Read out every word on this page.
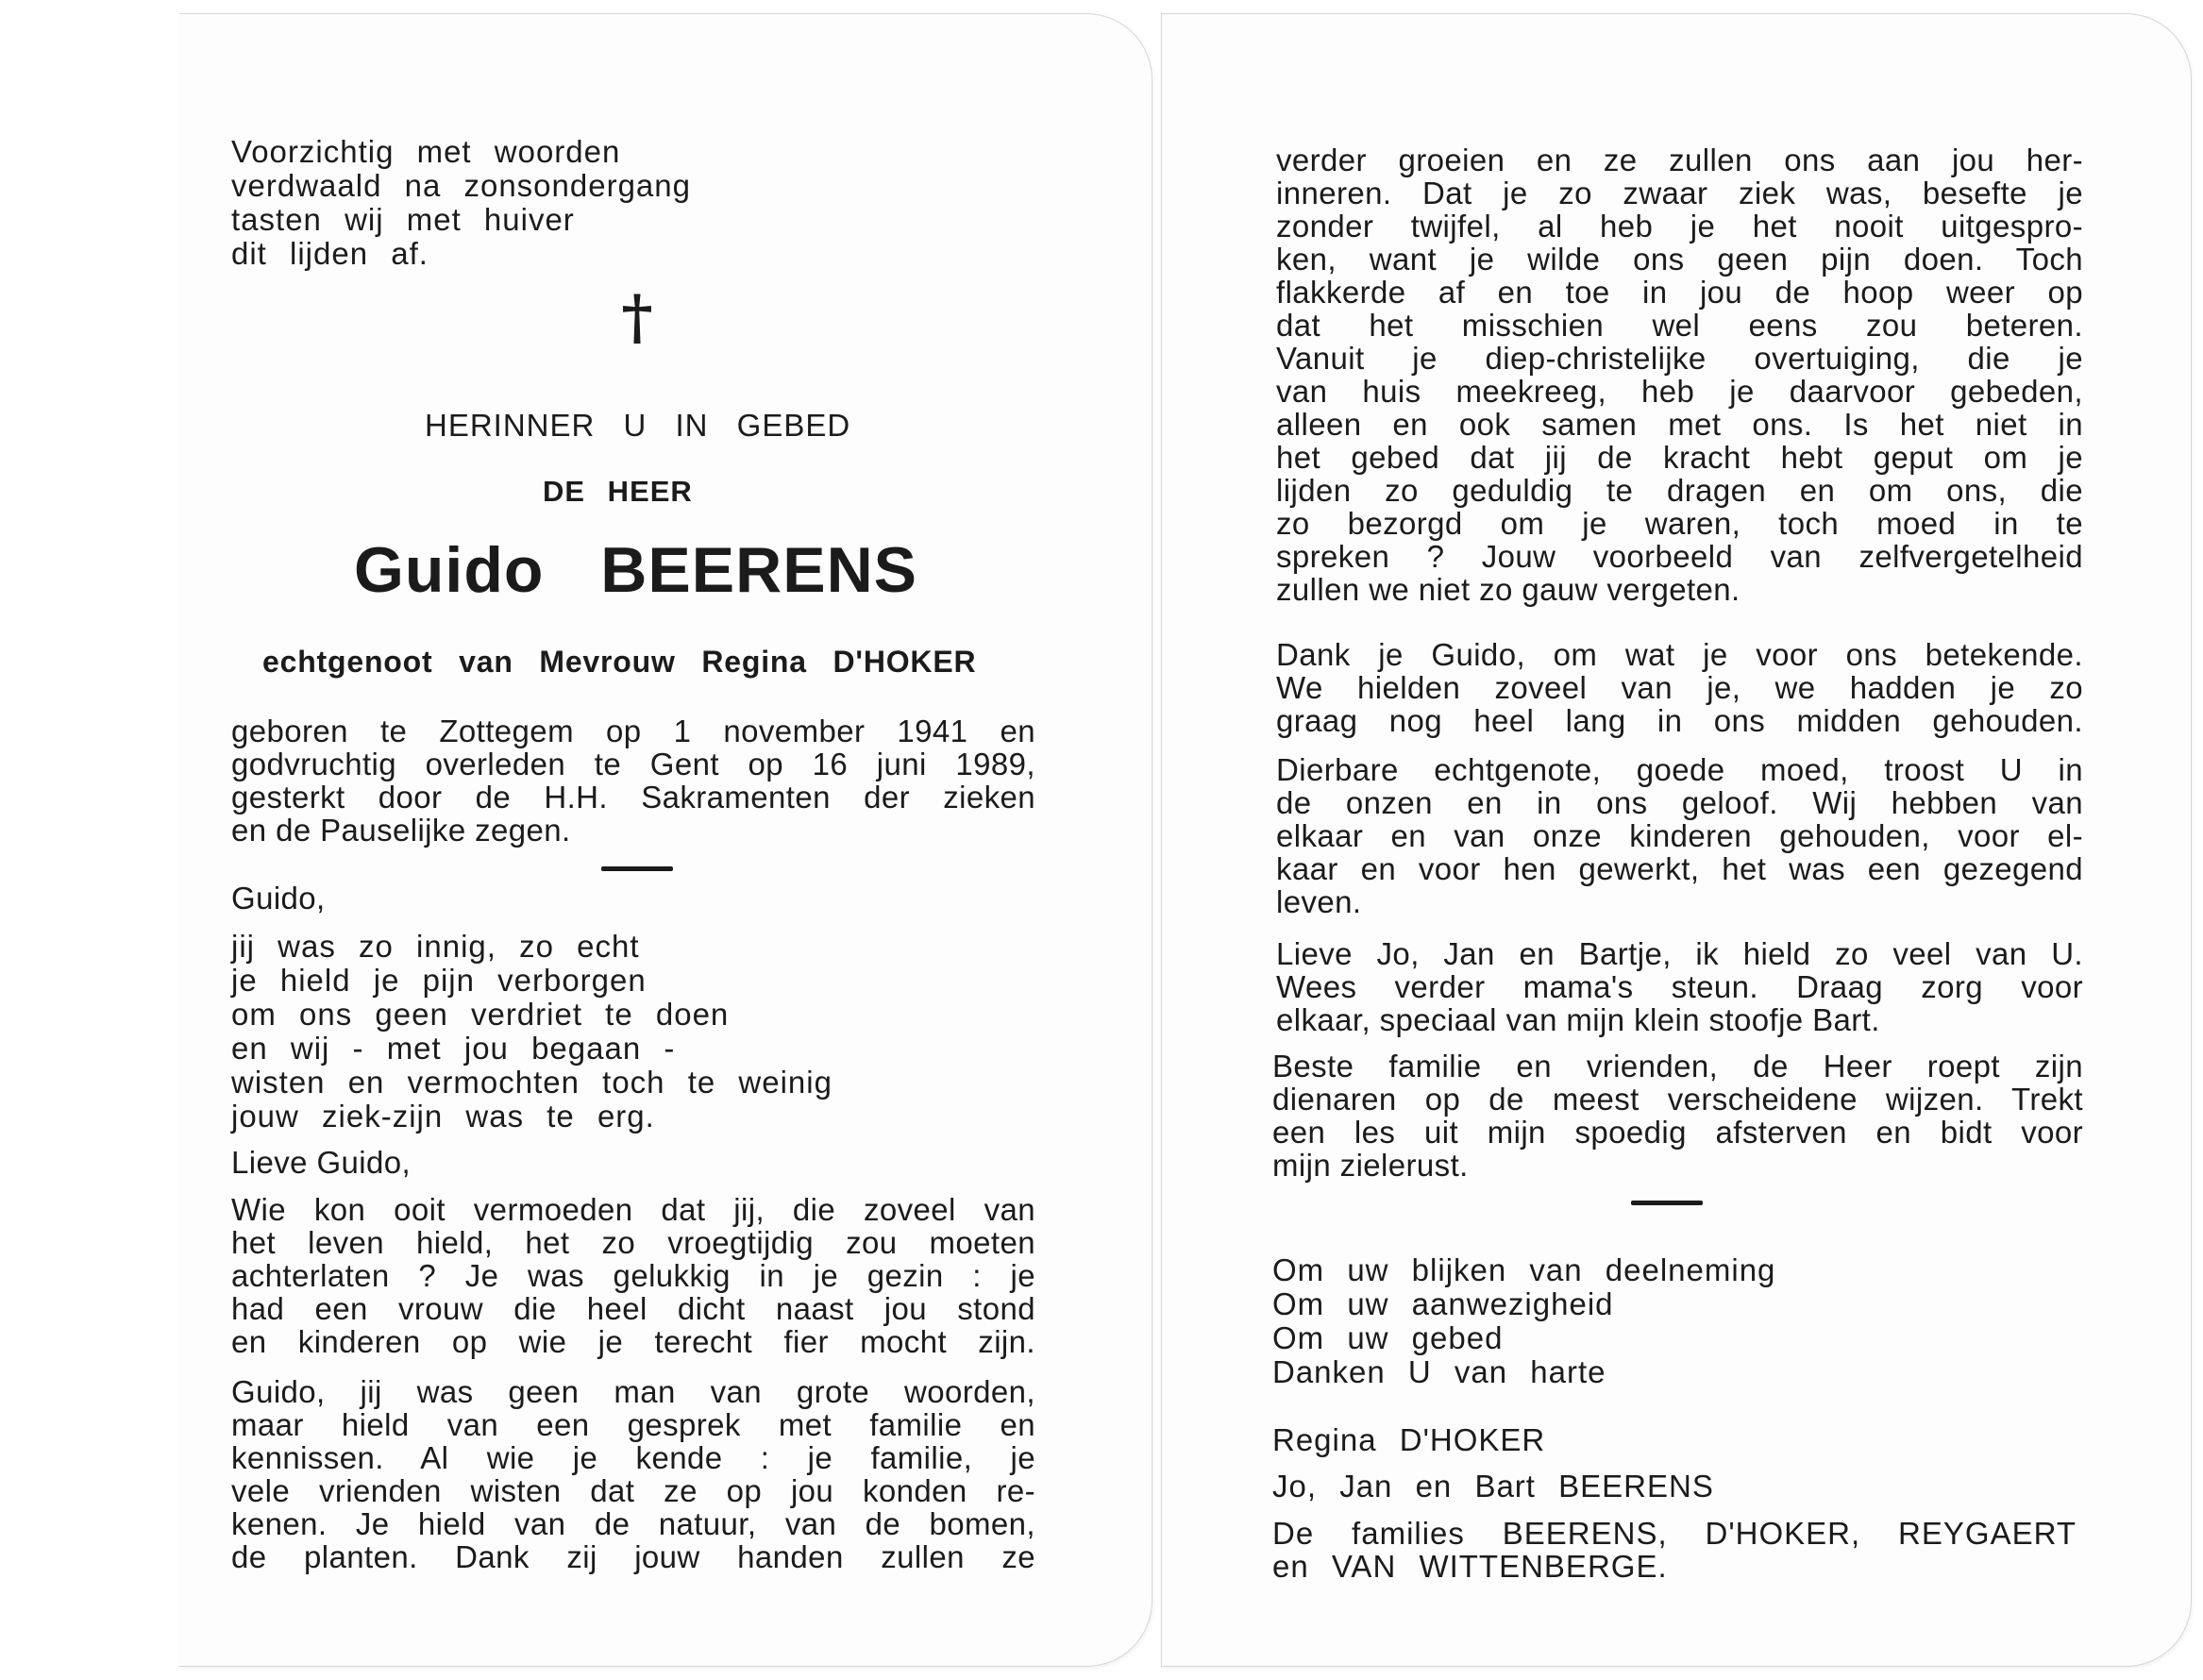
Voorzichtig met woorden
verdwaald na zonsondergang
tasten wij met huiver
dit lijden af.
†
HERINNER U IN GEBED
DE HEER
Guido BEERENS
echtgenoot van Mevrouw Regina D'HOKER
geboren te Zottegem op 1 november 1941 en
godvruchtig overleden te Gent op 16 juni 1989,
gesterkt door de H.H. Sakramenten der zieken
en de Pauselijke zegen.
Guido,
jij was zo innig, zo echt
je hield je pijn verborgen
om ons geen verdriet te doen
en wij - met jou begaan -
wisten en vermochten toch te weinig
jouw ziek-zijn was te erg.
Lieve Guido,
Wie kon ooit vermoeden dat jij, die zoveel van
het leven hield, het zo vroegtijdig zou moeten
achterlaten ? Je was gelukkig in je gezin : je
had een vrouw die heel dicht naast jou stond
en kinderen op wie je terecht fier mocht zijn.
Guido, jij was geen man van grote woorden,
maar hield van een gesprek met familie en
kennissen. Al wie je kende : je familie, je
vele vrienden wisten dat ze op jou konden re-
kenen. Je hield van de natuur, van de bomen,
de planten. Dank zij jouw handen zullen ze
verder groeien en ze zullen ons aan jou her-
inneren. Dat je zo zwaar ziek was, besefte je
zonder twijfel, al heb je het nooit uitgespro-
ken, want je wilde ons geen pijn doen. Toch
flakkerde af en toe in jou de hoop weer op
dat het misschien wel eens zou beteren.
Vanuit je diep-christelijke overtuiging, die je
van huis meekreeg, heb je daarvoor gebeden,
alleen en ook samen met ons. Is het niet in
het gebed dat jij de kracht hebt geput om je
lijden zo geduldig te dragen en om ons, die
zo bezorgd om je waren, toch moed in te
spreken ? Jouw voorbeeld van zelfvergetelheid
zullen we niet zo gauw vergeten.
Dank je Guido, om wat je voor ons betekende.
We hielden zoveel van je, we hadden je zo
graag nog heel lang in ons midden gehouden.
Dierbare echtgenote, goede moed, troost U in
de onzen en in ons geloof. Wij hebben van
elkaar en van onze kinderen gehouden, voor el-
kaar en voor hen gewerkt, het was een gezegend
leven.
Lieve Jo, Jan en Bartje, ik hield zo veel van U.
Wees verder mama's steun. Draag zorg voor
elkaar, speciaal van mijn klein stoofje Bart.
Beste familie en vrienden, de Heer roept zijn
dienaren op de meest verscheidene wijzen. Trekt
een les uit mijn spoedig afsterven en bidt voor
mijn zielerust.
Om uw blijken van deelneming
Om uw aanwezigheid
Om uw gebed
Danken U van harte
Regina D'HOKER
Jo, Jan en Bart BEERENS
De families BEERENS, D'HOKER, REYGAERT
en VAN WITTENBERGE.
